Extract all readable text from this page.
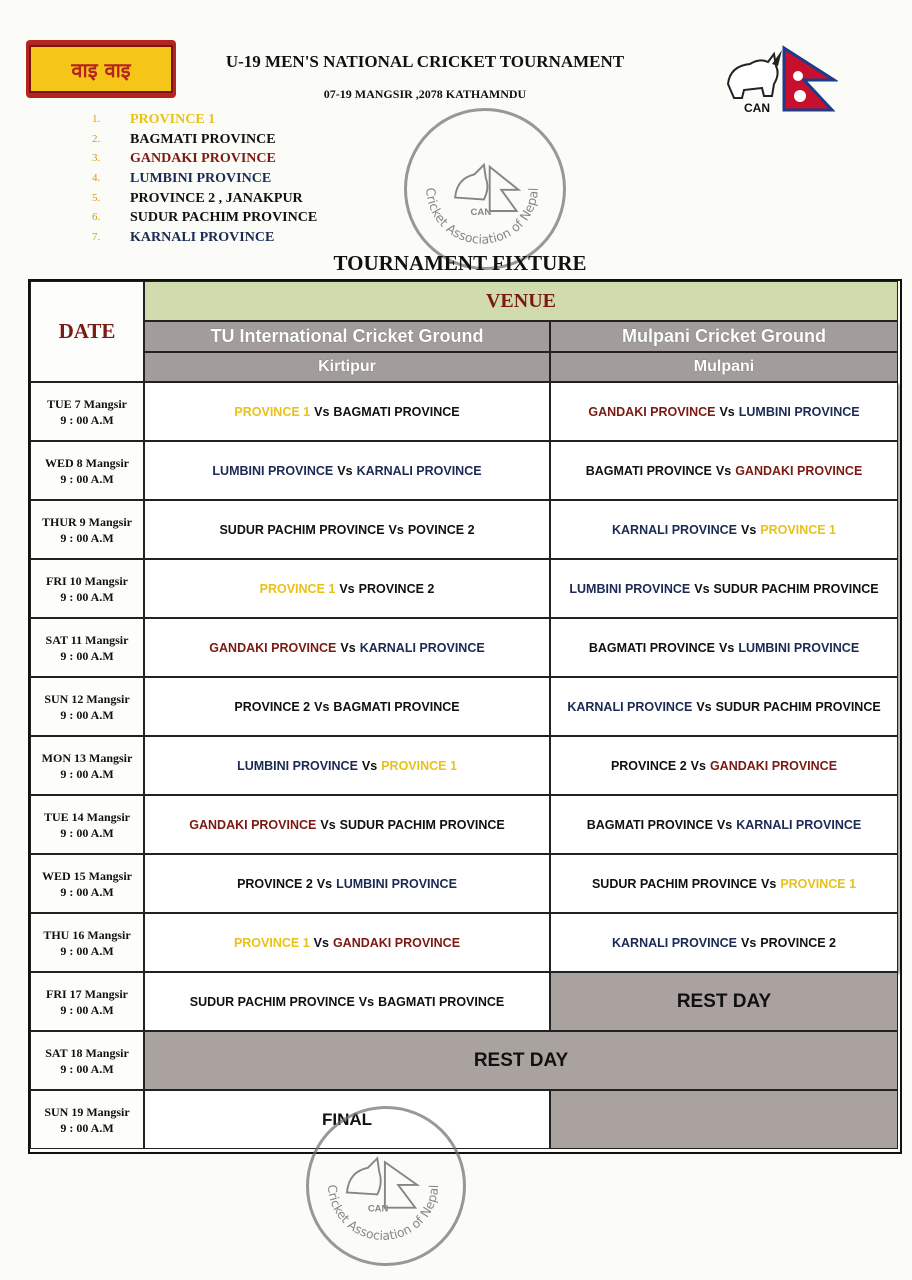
वाइ वाइ	U-19 MEN'S NATIONAL CRICKET TOURNAMENT
07-19 MANGSIR ,2078 KATHAMNDU
CAN
1.	PROVINCE 1
2.	BAGMATI PROVINCE
3.	GANDAKI PROVINCE
4.	LUMBINI PROVINCE
5.	PROVINCE 2 , JANAKPUR
6.	SUDUR PACHIM PROVINCE
7.	KARNALI PROVINCE
Cricket Association of Nepal
CAN
TOURNAMENT FIXTURE
DATE
VENUE
TU International Cricket Ground	Mulpani Cricket Ground
Kirtipur	Mulpani
TUE 7 Mangsir
9 : 00 A.M
PROVINCE 1 Vs BAGMATI PROVINCE	GANDAKI PROVINCE Vs LUMBINI PROVINCE
WED 8 Mangsir
9 : 00 A.M
LUMBINI PROVINCE Vs KARNALI PROVINCE	BAGMATI PROVINCE Vs GANDAKI PROVINCE
THUR 9 Mangsir
9 : 00 A.M
SUDUR PACHIM PROVINCE Vs POVINCE 2	KARNALI PROVINCE Vs PROVINCE 1
FRI 10 Mangsir
9 : 00 A.M
PROVINCE 1 Vs PROVINCE 2	LUMBINI PROVINCE Vs SUDUR PACHIM PROVINCE
SAT 11 Mangsir
9 : 00 A.M
GANDAKI PROVINCE Vs KARNALI PROVINCE	BAGMATI PROVINCE Vs LUMBINI PROVINCE
SUN 12 Mangsir
9 : 00 A.M
PROVINCE 2 Vs BAGMATI PROVINCE	KARNALI PROVINCE Vs SUDUR PACHIM PROVINCE
MON 13 Mangsir
9 : 00 A.M
LUMBINI PROVINCE Vs PROVINCE 1	PROVINCE 2 Vs GANDAKI PROVINCE
TUE 14 Mangsir
9 : 00 A.M
GANDAKI PROVINCE Vs SUDUR PACHIM PROVINCE	BAGMATI PROVINCE Vs KARNALI PROVINCE
WED 15 Mangsir
9 : 00 A.M
PROVINCE 2 Vs LUMBINI PROVINCE	SUDUR PACHIM PROVINCE Vs PROVINCE 1
THU 16 Mangsir
9 : 00 A.M
PROVINCE 1 Vs GANDAKI PROVINCE	KARNALI PROVINCE Vs PROVINCE 2
FRI 17 Mangsir
9 : 00 A.M
SUDUR PACHIM PROVINCE Vs BAGMATI PROVINCE	REST DAY
SAT 18 Mangsir
9 : 00 A.M	REST DAY
SUN 19 Mangsir
9 : 00 A.M	FINAL
Cricket Association of Nepal
CAN
